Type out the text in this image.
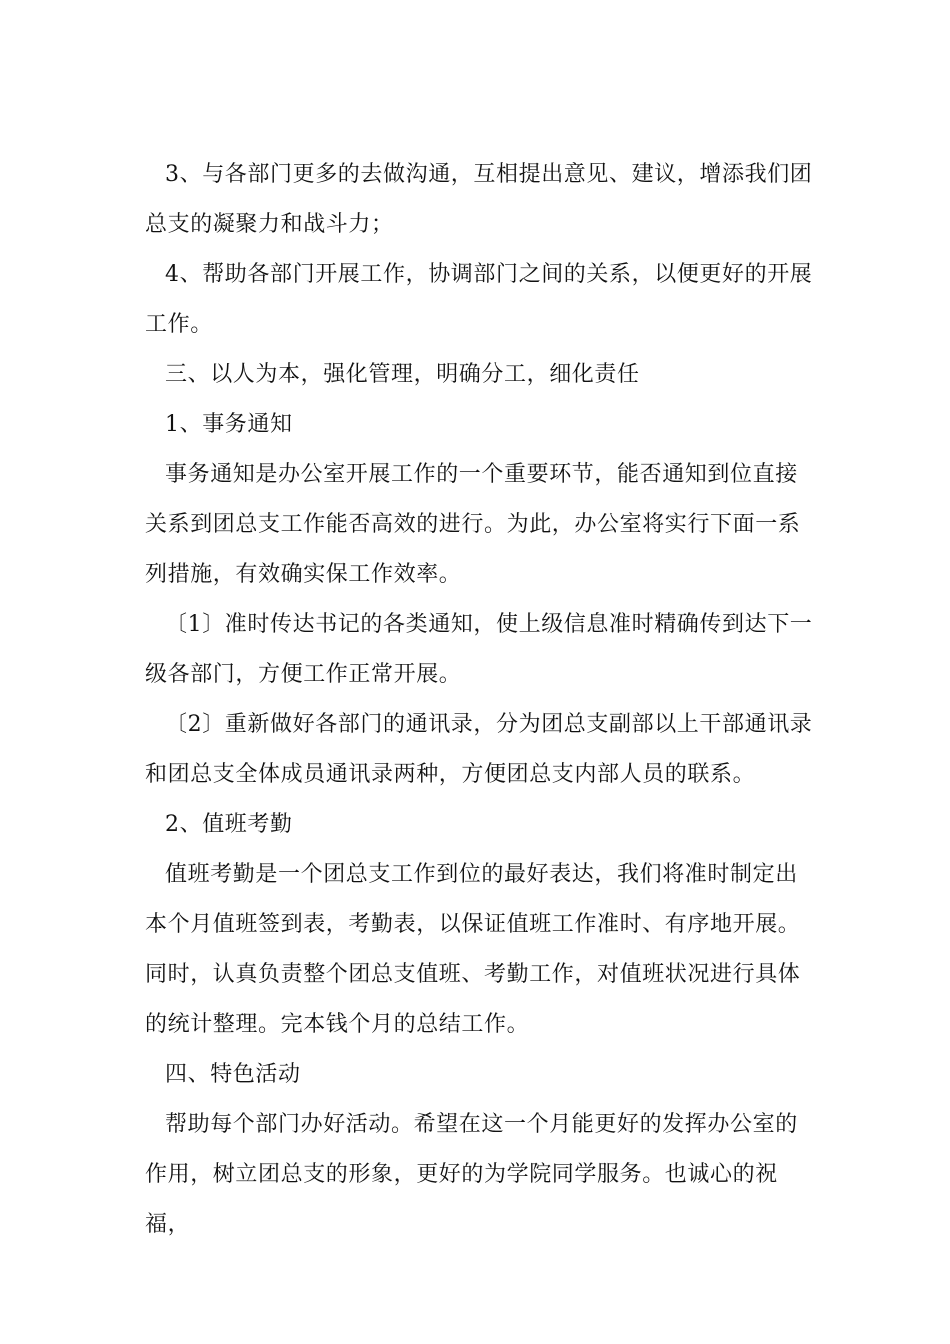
3、与各部门更多的去做沟通，互相提出意见、建议，增添我们团总支的凝聚力和战斗力；

4、帮助各部门开展工作，协调部门之间的关系，以便更好的开展工作。

三、以人为本，强化管理，明确分工，细化责任

1、事务通知

事务通知是办公室开展工作的一个重要环节，能否通知到位直接关系到团总支工作能否高效的进行。为此，办公室将实行下面一系列措施，有效确实保工作效率。

〔1〕准时传达书记的各类通知，使上级信息准时精确传到达下一级各部门，方便工作正常开展。

〔2〕重新做好各部门的通讯录，分为团总支副部以上干部通讯录和团总支全体成员通讯录两种，方便团总支内部人员的联系。

2、值班考勤

值班考勤是一个团总支工作到位的最好表达，我们将准时制定出本个月值班签到表，考勤表，以保证值班工作准时、有序地开展。同时，认真负责整个团总支值班、考勤工作，对值班状况进行具体的统计整理。完本钱个月的总结工作。

四、特色活动

帮助每个部门办好活动。希望在这一个月能更好的发挥办公室的作用，树立团总支的形象，更好的为学院同学服务。也诚心的祝福，
